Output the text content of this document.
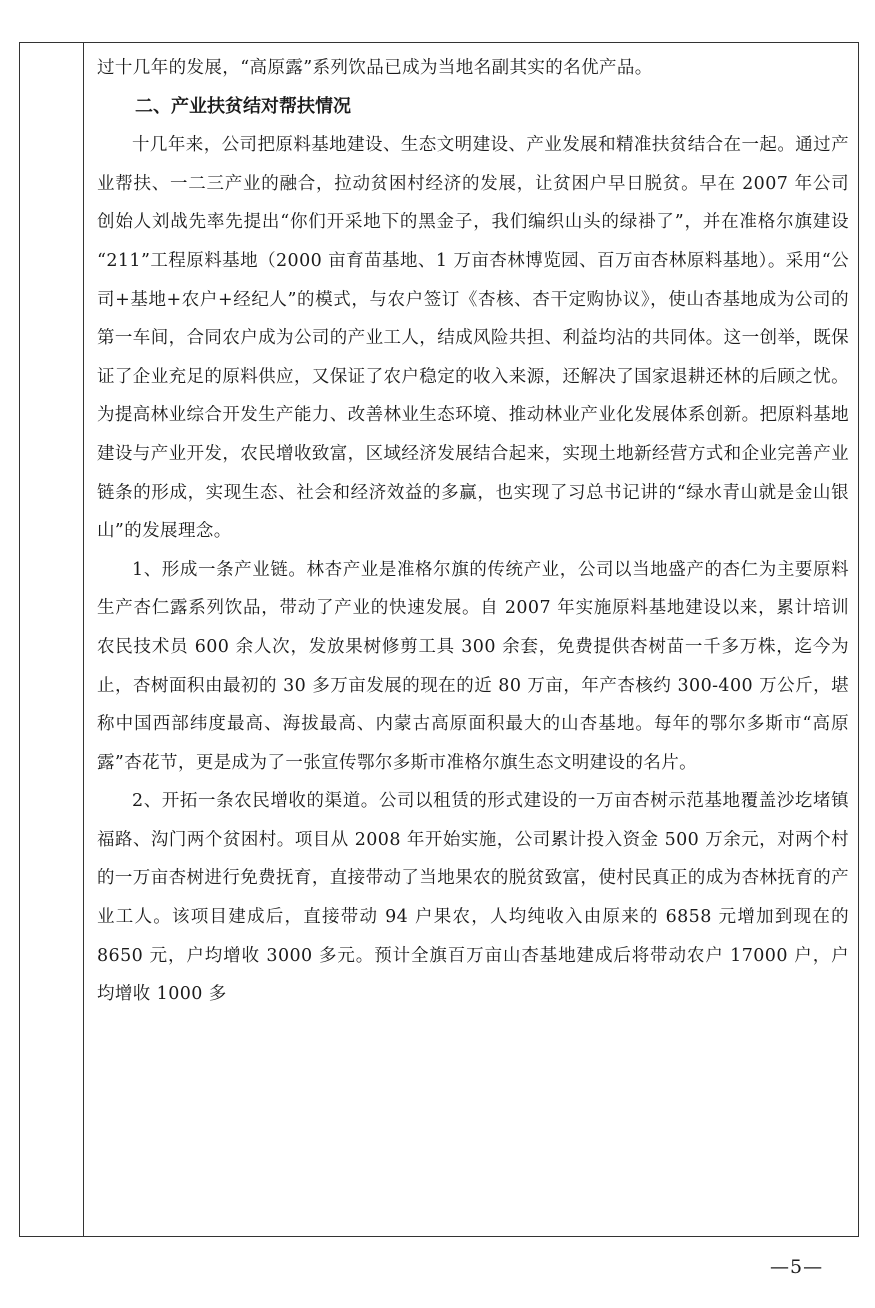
过十几年的发展，“高原露”系列饮品已成为当地名副其实的名优产品。

二、产业扶贫结对帮扶情况

十几年来，公司把原料基地建设、生态文明建设、产业发展和精准扶贫结合在一起。通过产业帮扶、一二三产业的融合，拉动贫困村经济的发展，让贫困户早日脱贫。早在 2007 年公司创始人刘战先率先提出“你们开采地下的黑金子，我们编织山头的绿褂了”，并在准格尔旗建设 “211”工程原料基地（2000 亩育苗基地、1 万亩杏林博览园、百万亩杏林原料基地）。采用“公司+基地+农户+经纪人”的模式，与农户签订《杏核、杏干定购协议》，使山杏基地成为公司的第一车间，合同农户成为公司的产业工人，结成风险共担、利益均沾的共同体。这一创举，既保证了企业充足的原料供应，又保证了农户稳定的收入来源，还解决了国家退耕还林的后顾之忧。为提高林业综合开发生产能力、改善林业生态环境、推动林业产业化发展体系创新。把原料基地建设与产业开发，农民增收致富，区域经济发展结合起来，实现土地新经营方式和企业完善产业链条的形成，实现生态、社会和经济效益的多赢，也实现了习总书记讲的“绿水青山就是金山银山”的发展理念。

1、形成一条产业链。林杏产业是准格尔旗的传统产业，公司以当地盛产的杏仁为主要原料生产杏仁露系列饮品，带动了产业的快速发展。自 2007 年实施原料基地建设以来，累计培训农民技术员 600 余人次，发放果树修剪工具 300 余套，免费提供杏树苗一千多万株，迄今为止，杏树面积由最初的 30 多万亩发展的现在的近 80 万亩，年产杏核约 300-400 万公斤，堪称中国西部纬度最高、海拔最高、内蒙古高原面积最大的山杏基地。每年的鄂尔多斯市“高原露”杏花节，更是成为了一张宣传鄂尔多斯市准格尔旗生态文明建设的名片。

2、开拓一条农民增收的渠道。公司以租赁的形式建设的一万亩杏树示范基地覆盖沙圪堵镇福路、沟门两个贫困村。项目从 2008 年开始实施，公司累计投入资金 500 万余元，对两个村的一万亩杏树进行免费抚育，直接带动了当地果农的脱贫致富，使村民真正的成为杏林抚育的产业工人。该项目建成后，直接带动 94 户果农，人均纯收入由原来的 6858 元增加到现在的 8650 元，户均增收 3000 多元。预计全旗百万亩山杏基地建成后将带动农户 17000 户，户均增收 1000 多

—5—
